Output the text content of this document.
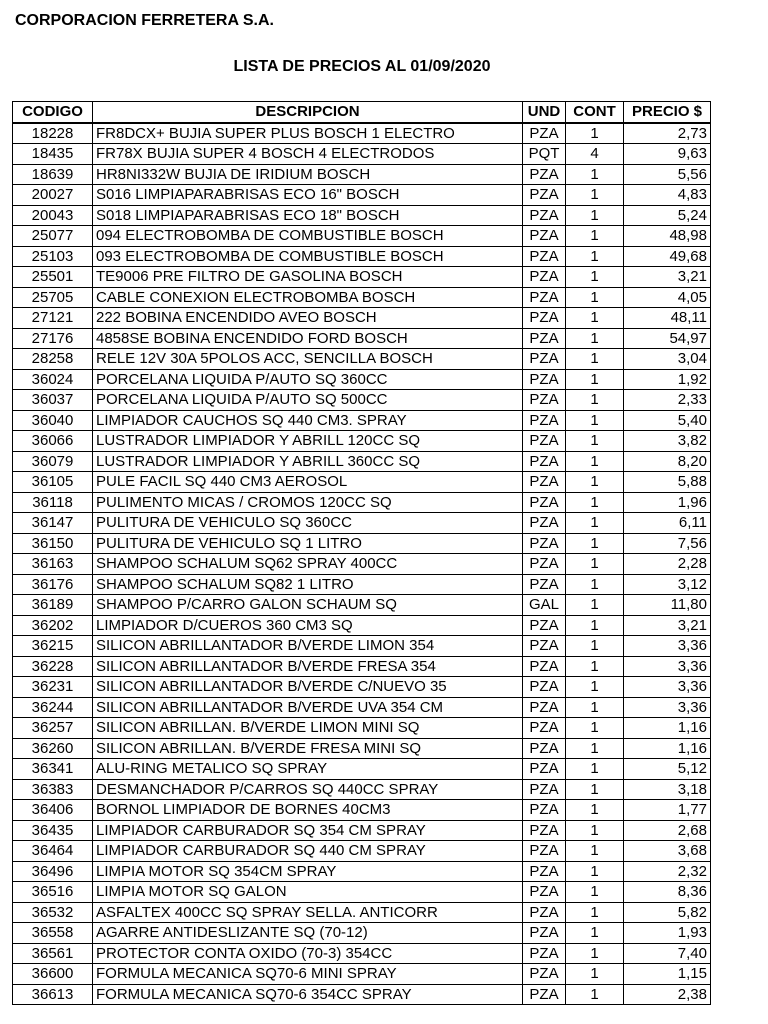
CORPORACION FERRETERA S.A.
LISTA DE PRECIOS AL 01/09/2020
CODIGO	DESCRIPCION	UND	CONT	PRECIO $
18228	FR8DCX+ BUJIA SUPER PLUS BOSCH 1 ELECTRO	PZA	1	2,73
18435	FR78X BUJIA SUPER 4 BOSCH 4 ELECTRODOS	PQT	4	9,63
18639	HR8NI332W BUJIA DE IRIDIUM BOSCH	PZA	1	5,56
20027	S016 LIMPIAPARABRISAS ECO 16" BOSCH	PZA	1	4,83
20043	S018 LIMPIAPARABRISAS ECO 18" BOSCH	PZA	1	5,24
25077	094 ELECTROBOMBA DE COMBUSTIBLE BOSCH	PZA	1	48,98
25103	093 ELECTROBOMBA DE COMBUSTIBLE BOSCH	PZA	1	49,68
25501	TE9006 PRE FILTRO DE GASOLINA BOSCH	PZA	1	3,21
25705	CABLE CONEXION ELECTROBOMBA BOSCH	PZA	1	4,05
27121	222 BOBINA ENCENDIDO AVEO BOSCH	PZA	1	48,11
27176	4858SE BOBINA ENCENDIDO FORD BOSCH	PZA	1	54,97
28258	RELE 12V 30A 5POLOS ACC, SENCILLA BOSCH	PZA	1	3,04
36024	PORCELANA LIQUIDA P/AUTO SQ 360CC	PZA	1	1,92
36037	PORCELANA LIQUIDA P/AUTO SQ 500CC	PZA	1	2,33
36040	LIMPIADOR CAUCHOS SQ 440 CM3. SPRAY	PZA	1	5,40
36066	LUSTRADOR LIMPIADOR Y ABRILL 120CC SQ	PZA	1	3,82
36079	LUSTRADOR LIMPIADOR Y ABRILL 360CC SQ	PZA	1	8,20
36105	PULE FACIL SQ 440 CM3 AEROSOL	PZA	1	5,88
36118	PULIMENTO MICAS / CROMOS 120CC SQ	PZA	1	1,96
36147	PULITURA DE VEHICULO SQ 360CC	PZA	1	6,11
36150	PULITURA DE VEHICULO SQ 1 LITRO	PZA	1	7,56
36163	SHAMPOO SCHALUM SQ62 SPRAY 400CC	PZA	1	2,28
36176	SHAMPOO SCHALUM SQ82 1 LITRO	PZA	1	3,12
36189	SHAMPOO P/CARRO GALON SCHAUM SQ	GAL	1	11,80
36202	LIMPIADOR D/CUEROS 360 CM3 SQ	PZA	1	3,21
36215	SILICON ABRILLANTADOR B/VERDE LIMON 354	PZA	1	3,36
36228	SILICON ABRILLANTADOR B/VERDE FRESA 354	PZA	1	3,36
36231	SILICON ABRILLANTADOR B/VERDE C/NUEVO 35	PZA	1	3,36
36244	SILICON ABRILLANTADOR B/VERDE UVA 354 CM	PZA	1	3,36
36257	SILICON ABRILLAN. B/VERDE LIMON MINI SQ	PZA	1	1,16
36260	SILICON ABRILLAN. B/VERDE FRESA MINI SQ	PZA	1	1,16
36341	ALU-RING METALICO SQ SPRAY	PZA	1	5,12
36383	DESMANCHADOR P/CARROS SQ 440CC SPRAY	PZA	1	3,18
36406	BORNOL LIMPIADOR DE BORNES 40CM3	PZA	1	1,77
36435	LIMPIADOR CARBURADOR SQ 354 CM SPRAY	PZA	1	2,68
36464	LIMPIADOR CARBURADOR SQ 440 CM SPRAY	PZA	1	3,68
36496	LIMPIA MOTOR SQ 354CM SPRAY	PZA	1	2,32
36516	LIMPIA MOTOR SQ GALON	PZA	1	8,36
36532	ASFALTEX 400CC SQ SPRAY SELLA. ANTICORR	PZA	1	5,82
36558	AGARRE ANTIDESLIZANTE SQ (70-12)	PZA	1	1,93
36561	PROTECTOR CONTA OXIDO (70-3) 354CC	PZA	1	7,40
36600	FORMULA MECANICA SQ70-6 MINI SPRAY	PZA	1	1,15
36613	FORMULA MECANICA SQ70-6 354CC SPRAY	PZA	1	2,38
